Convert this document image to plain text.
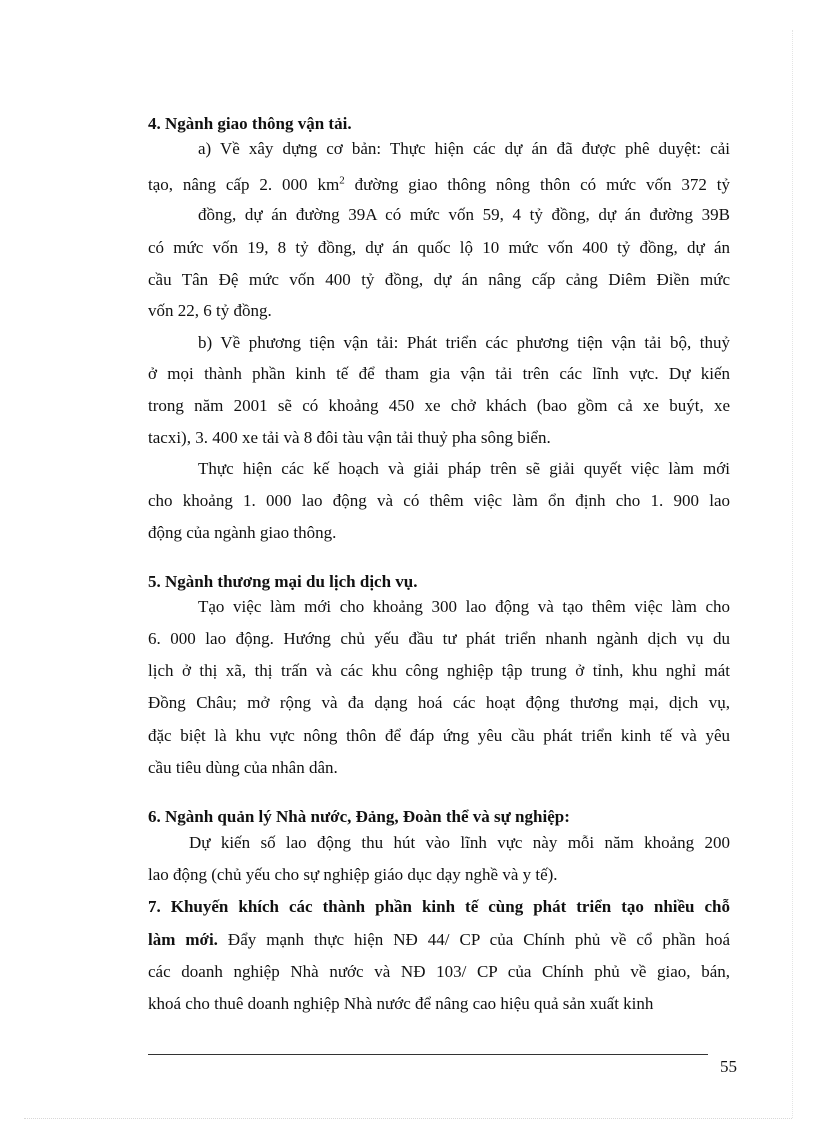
4. Ngành giao thông vận tải.
a) Về xây dựng cơ bản: Thực hiện các dự án đã được phê duyệt: cải
tạo, nâng cấp 2. 000 $km^2$ đường giao thông nông thôn có mức vốn 372 tỷ
đồng, dự án đường 39A có mức vốn 59, 4 tỷ đồng, dự án đường 39B
có mức vốn 19, 8 tỷ đồng, dự án quốc lộ 10 mức vốn 400 tỷ đồng, dự án
cầu Tân Đệ mức vốn 400 tỷ đồng, dự án nâng cấp cảng Diêm Điền mức
vốn 22, 6 tỷ đồng.
b) Về phương tiện vận tải: Phát triển các phương tiện vận tải bộ, thuỷ
ở mọi thành phần kinh tế để tham gia vận tải trên các lĩnh vực. Dự kiến
trong năm 2001 sẽ có khoảng 450 xe chở khách (bao gồm cả xe buýt, xe
tacxi), 3. 400 xe tải và 8 đôi tàu vận tải thuỷ pha sông biển.
Thực hiện các kế hoạch và giải pháp trên sẽ giải quyết việc làm mới
cho khoảng 1. 000 lao động và có thêm việc làm ổn định cho 1. 900 lao
động của ngành giao thông.
5. Ngành thương mại du lịch dịch vụ.
Tạo việc làm mới cho khoảng 300 lao động và tạo thêm việc làm cho
6. 000 lao động. Hướng chủ yếu đầu tư phát triển nhanh ngành dịch vụ du
lịch ở thị xã, thị trấn và các khu công nghiệp tập trung ở tỉnh, khu nghỉ mát
Đồng Châu; mở rộng và đa dạng hoá các hoạt động thương mại, dịch vụ,
đặc biệt là khu vực nông thôn để đáp ứng yêu cầu phát triển kinh tế và yêu
cầu tiêu dùng của nhân dân.
6. Ngành quản lý Nhà nước, Đảng, Đoàn thể và sự nghiệp:
Dự kiến số lao động thu hút vào lĩnh vực này mỗi năm khoảng 200
lao động (chủ yếu cho sự nghiệp giáo dục dạy nghề và y tế).
7. Khuyến khích các thành phần kinh tế cùng phát triển tạo nhiều chỗ
làm mới. Đẩy mạnh thực hiện NĐ 44/ CP của Chính phủ về cổ phần hoá
các doanh nghiệp Nhà nước và NĐ 103/ CP của Chính phủ về giao, bán,
khoá cho thuê doanh nghiệp Nhà nước để nâng cao hiệu quả sản xuất kinh
55
